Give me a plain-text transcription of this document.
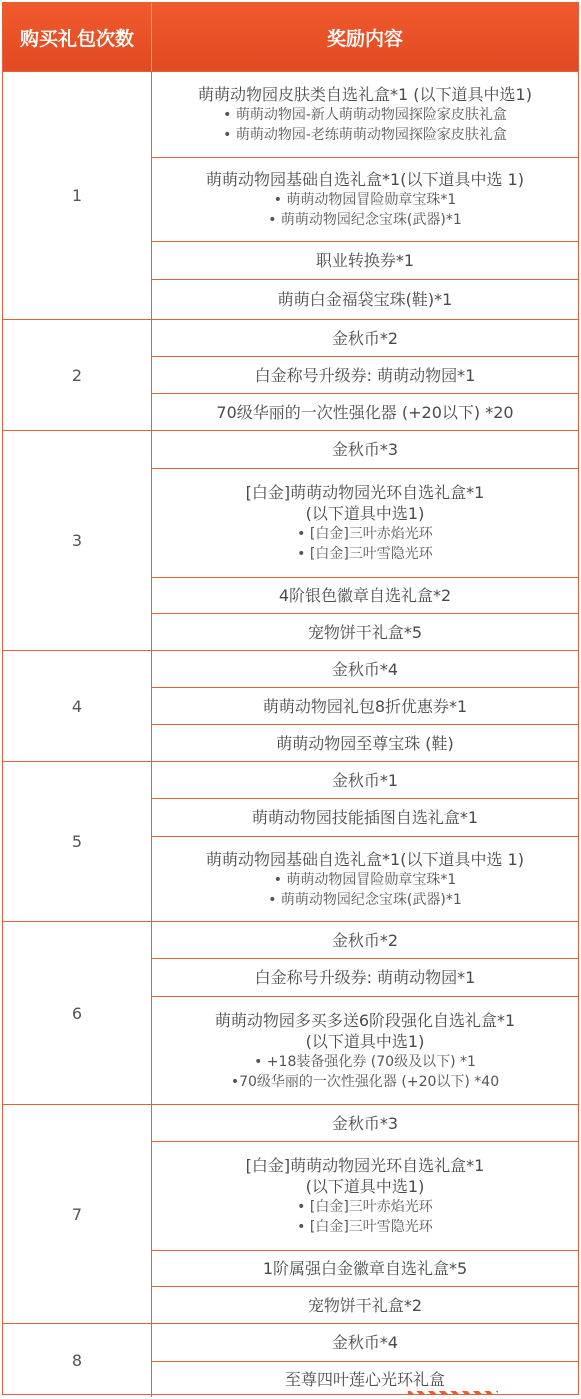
购买礼包次数	奖励内容
1
萌萌动物园皮肤类自选礼盒*1 (以下道具中选1)
• 萌萌动物园-新人萌萌动物园探险家皮肤礼盒
• 萌萌动物园-老练萌萌动物园探险家皮肤礼盒
萌萌动物园基础自选礼盒*1(以下道具中选 1)
• 萌萌动物园冒险勋章宝珠*1
• 萌萌动物园纪念宝珠(武器)*1
职业转换券*1
萌萌白金福袋宝珠(鞋)*1
2
金秋币*2
白金称号升级券: 萌萌动物园*1
70级华丽的一次性强化器 (+20以下) *20
3
金秋币*3
[白金]萌萌动物园光环自选礼盒*1
(以下道具中选1)
• [白金]三叶赤焰光环
• [白金]三叶雪隐光环
4阶银色徽章自选礼盒*2
宠物饼干礼盒*5
4
金秋币*4
萌萌动物园礼包8折优惠券*1
萌萌动物园至尊宝珠 (鞋)
5
金秋币*1
萌萌动物园技能插图自选礼盒*1
萌萌动物园基础自选礼盒*1(以下道具中选 1)
• 萌萌动物园冒险勋章宝珠*1
• 萌萌动物园纪念宝珠(武器)*1
6
金秋币*2
白金称号升级券: 萌萌动物园*1
萌萌动物园多买多送6阶段强化自选礼盒*1
(以下道具中选1)
• +18装备强化券 (70级及以下) *1
•70级华丽的一次性强化器 (+20以下) *40
7
金秋币*3
[白金]萌萌动物园光环自选礼盒*1
(以下道具中选1)
• [白金]三叶赤焰光环
• [白金]三叶雪隐光环
1阶属强白金徽章自选礼盒*5
宠物饼干礼盒*2
8
金秋币*4
至尊四叶莲心光环礼盒
